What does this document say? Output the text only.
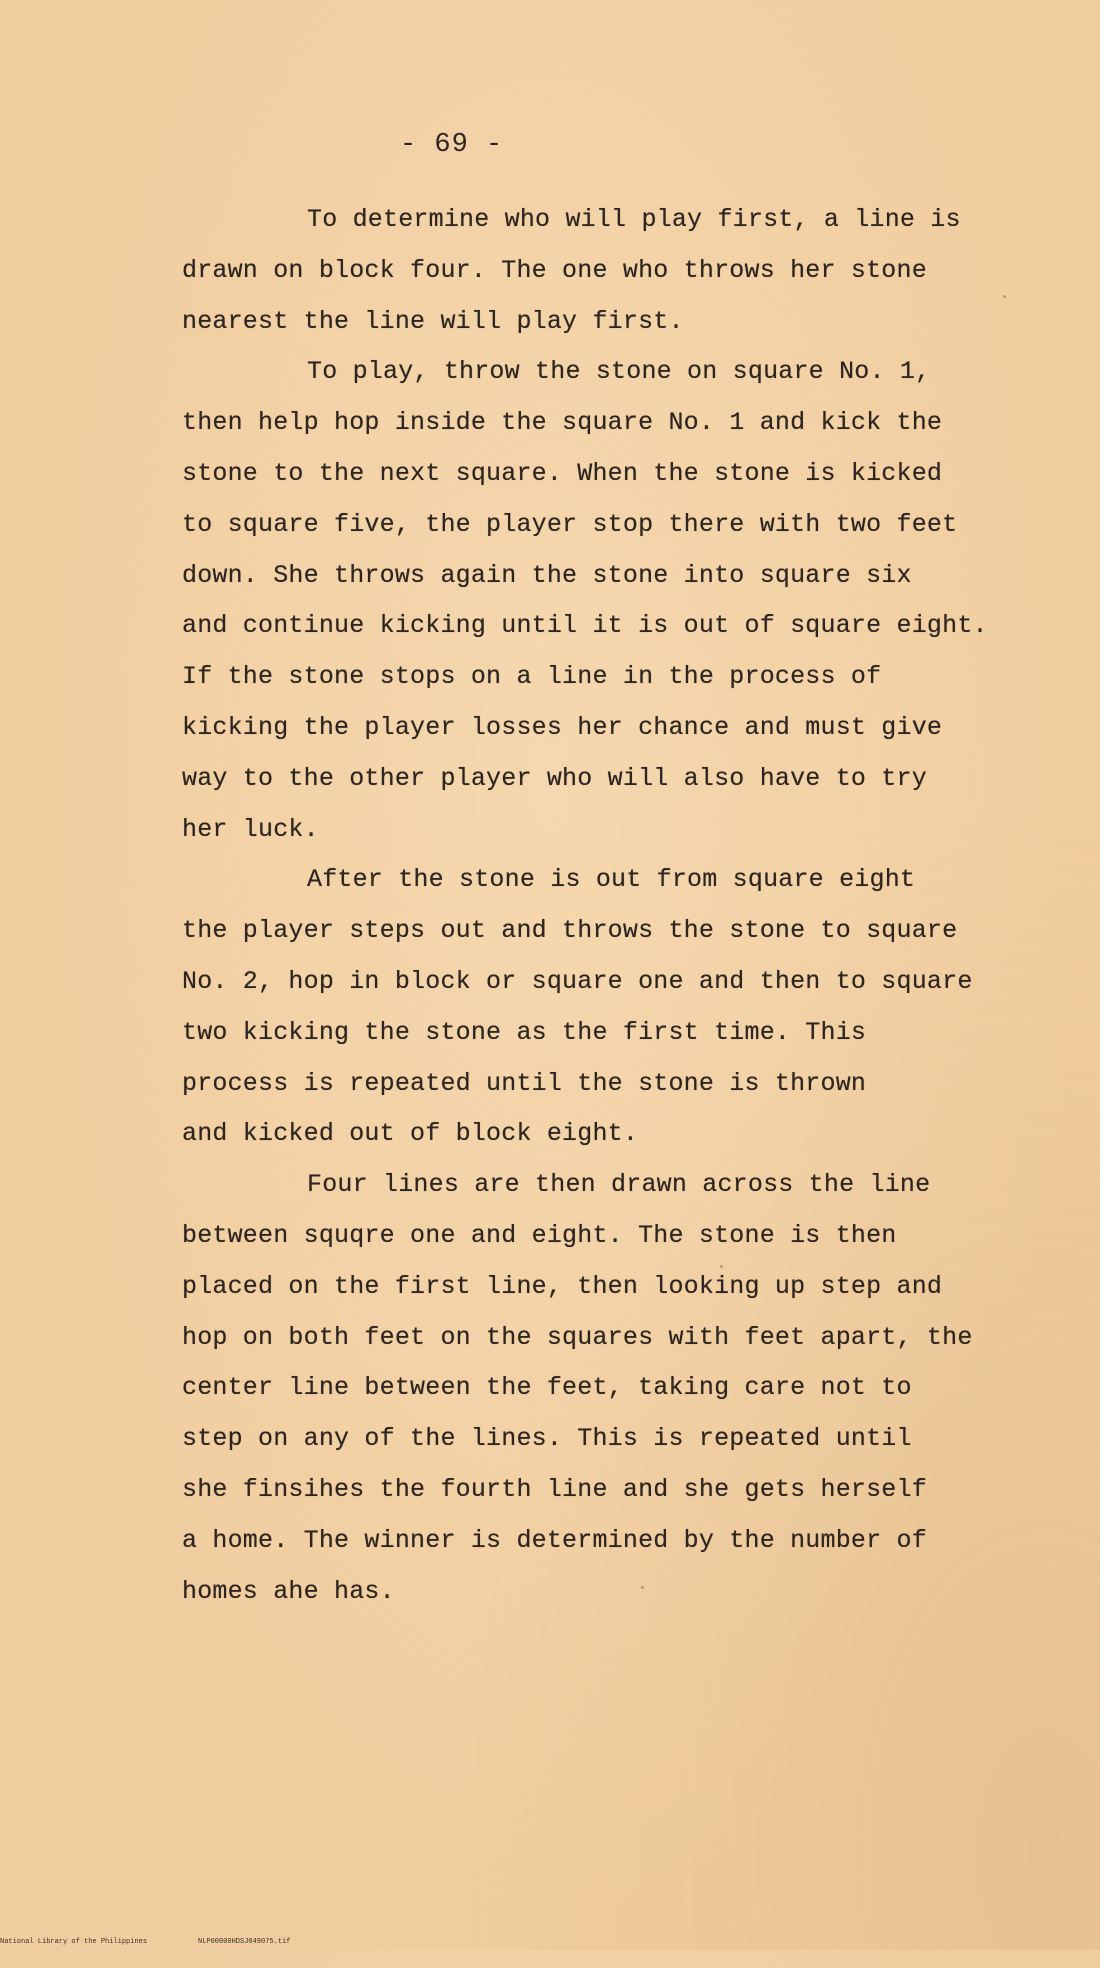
- 69 -
To determine who will play first, a line is
drawn on block four. The one who throws her stone
nearest the line will play first.
To play, throw the stone on square No. 1,
then help hop inside the square No. 1 and kick the
stone to the next square. When the stone is kicked
to square five, the player stop there with two feet
down. She throws again the stone into square six
and continue kicking until it is out of square eight.
If the stone stops on a line in the process of
kicking the player losses her chance and must give
way to the other player who will also have to try
her luck.
After the stone is out from square eight
the player steps out and throws the stone to square
No. 2, hop in block or square one and then to square
two kicking the stone as the first time. This
process is repeated until the stone is thrown
and kicked out of block eight.
Four lines are then drawn across the line
between squqre one and eight. The stone is then
placed on the first line, then looking up step and
hop on both feet on the squares with feet apart, the
center line between the feet, taking care not to
step on any of the lines. This is repeated until
she finsihes the fourth line and she gets herself
a home. The winner is determined by the number of
homes ahe has.

National Library of the Philippines

	NLP00000HDSJ049075.tif
